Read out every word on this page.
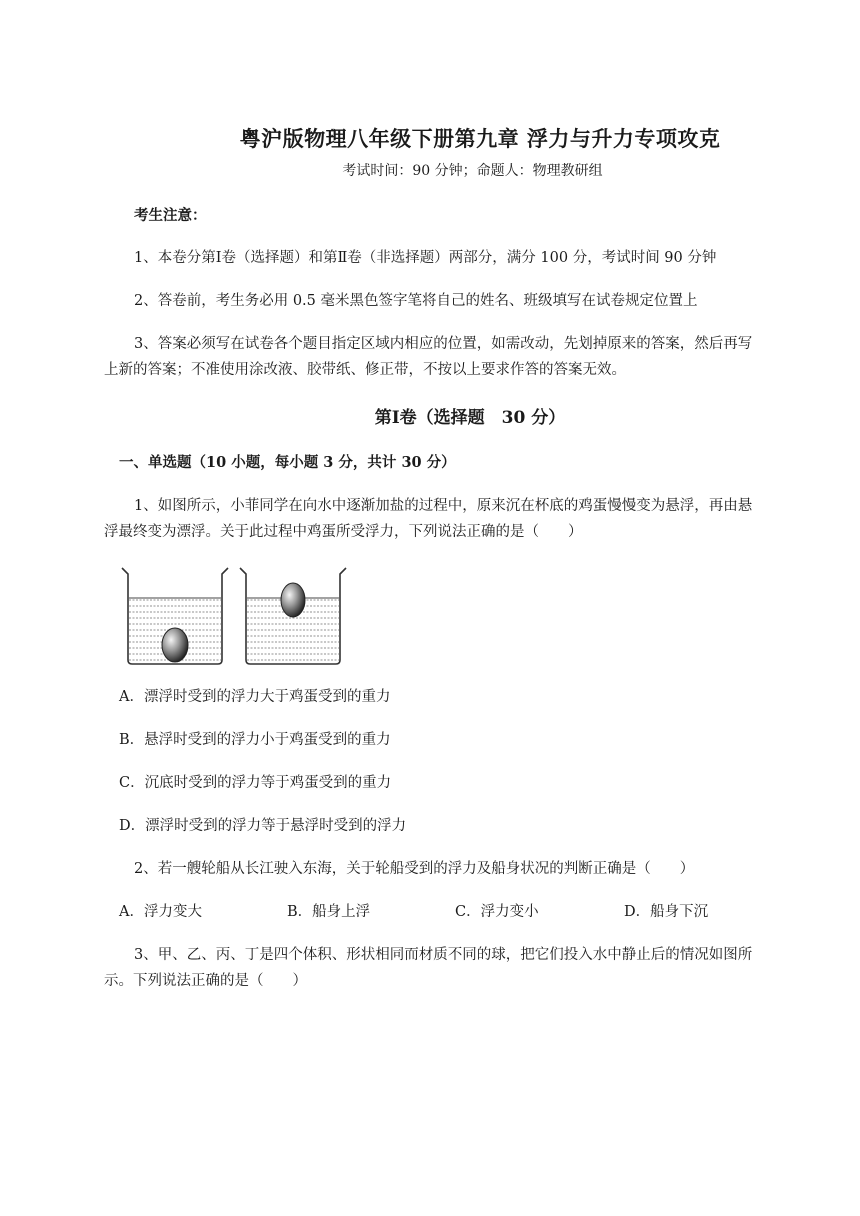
粤沪版物理八年级下册第九章 浮力与升力专项攻克
考试时间：90 分钟；命题人：物理教研组
考生注意：
1、本卷分第Ⅰ卷（选择题）和第Ⅱ卷（非选择题）两部分，满分 100 分，考试时间 90 分钟
2、答卷前，考生务必用 0.5 毫米黑色签字笔将自己的姓名、班级填写在试卷规定位置上
3、答案必须写在试卷各个题目指定区域内相应的位置，如需改动，先划掉原来的答案，然后再写
上新的答案；不准使用涂改液、胶带纸、修正带，不按以上要求作答的答案无效。
第Ⅰ卷（选择题　30 分）
一、单选题（10 小题，每小题 3 分，共计 30 分）
1、如图所示，小菲同学在向水中逐渐加盐的过程中，原来沉在杯底的鸡蛋慢慢变为悬浮，再由悬
浮最终变为漂浮。关于此过程中鸡蛋所受浮力，下列说法正确的是（　　）
A．漂浮时受到的浮力大于鸡蛋受到的重力
B．悬浮时受到的浮力小于鸡蛋受到的重力
C．沉底时受到的浮力等于鸡蛋受到的重力
D．漂浮时受到的浮力等于悬浮时受到的浮力
2、若一艘轮船从长江驶入东海，关于轮船受到的浮力及船身状况的判断正确是（　　）
A．浮力变大	B．船身上浮	C．浮力变小	D．船身下沉
3、甲、乙、丙、丁是四个体积、形状相同而材质不同的球，把它们投入水中静止后的情况如图所
示。下列说法正确的是（　　）
